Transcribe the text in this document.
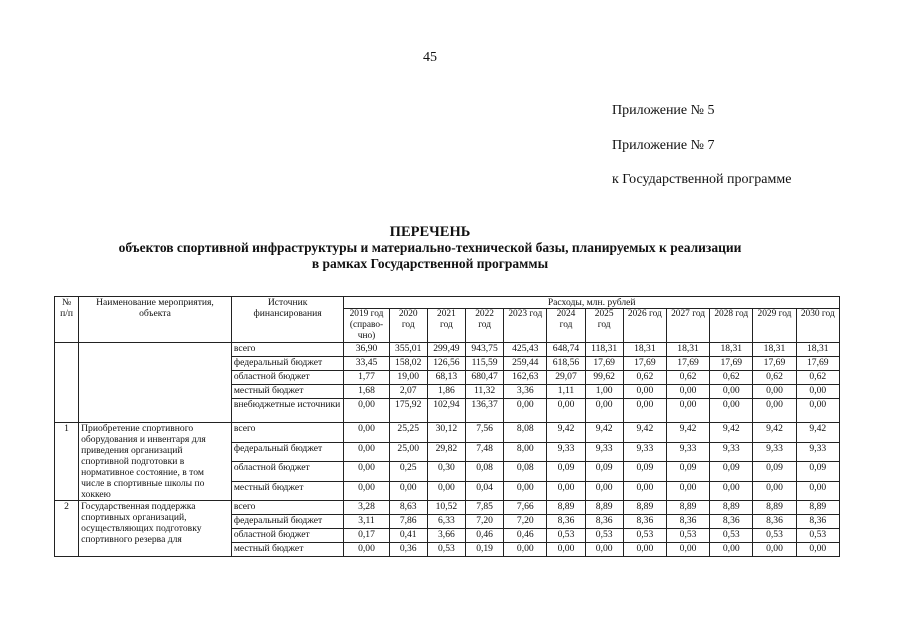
45
Приложение № 5
Приложение № 7
к Государственной программе
ПЕРЕЧЕНЬ
объектов спортивной инфраструктуры и материально-технической базы, планируемых к реализации
в рамках Государственной программы
№ п/п	Наименование мероприятия, объекта	Источник финансирования	Расходы, млн. рублей											
			2019 год (справо-чно)	2020 год	2021 год	2022 год	2023 год	2024 год	2025 год	2026 год	2027 год	2028 год	2029 год	2030 год
		всего	36,90	355,01	299,49	943,75	425,43	648,74	118,31	18,31	18,31	18,31	18,31	18,31
		федеральный бюджет	33,45	158,02	126,56	115,59	259,44	618,56	17,69	17,69	17,69	17,69	17,69	17,69
		областной бюджет	1,77	19,00	68,13	680,47	162,63	29,07	99,62	0,62	0,62	0,62	0,62	0,62
		местный бюджет	1,68	2,07	1,86	11,32	3,36	1,11	1,00	0,00	0,00	0,00	0,00	0,00
		внебюджетные источники	0,00	175,92	102,94	136,37	0,00	0,00	0,00	0,00	0,00	0,00	0,00	0,00
1	Приобретение спортивного оборудования и инвентаря для приведения организаций спортивной подготовки в нормативное состояние, в том числе в спортивные школы по хоккею	всего	0,00	25,25	30,12	7,56	8,08	9,42	9,42	9,42	9,42	9,42	9,42	9,42
		федеральный бюджет	0,00	25,00	29,82	7,48	8,00	9,33	9,33	9,33	9,33	9,33	9,33	9,33
		областной бюджет	0,00	0,25	0,30	0,08	0,08	0,09	0,09	0,09	0,09	0,09	0,09	0,09
		местный бюджет	0,00	0,00	0,00	0,04	0,00	0,00	0,00	0,00	0,00	0,00	0,00	0,00
2	Государственная поддержка спортивных организаций, осуществляющих подготовку спортивного резерва для	всего	3,28	8,63	10,52	7,85	7,66	8,89	8,89	8,89	8,89	8,89	8,89	8,89
		федеральный бюджет	3,11	7,86	6,33	7,20	7,20	8,36	8,36	8,36	8,36	8,36	8,36	8,36
		областной бюджет	0,17	0,41	3,66	0,46	0,46	0,53	0,53	0,53	0,53	0,53	0,53	0,53
		местный бюджет	0,00	0,36	0,53	0,19	0,00	0,00	0,00	0,00	0,00	0,00	0,00	0,00
